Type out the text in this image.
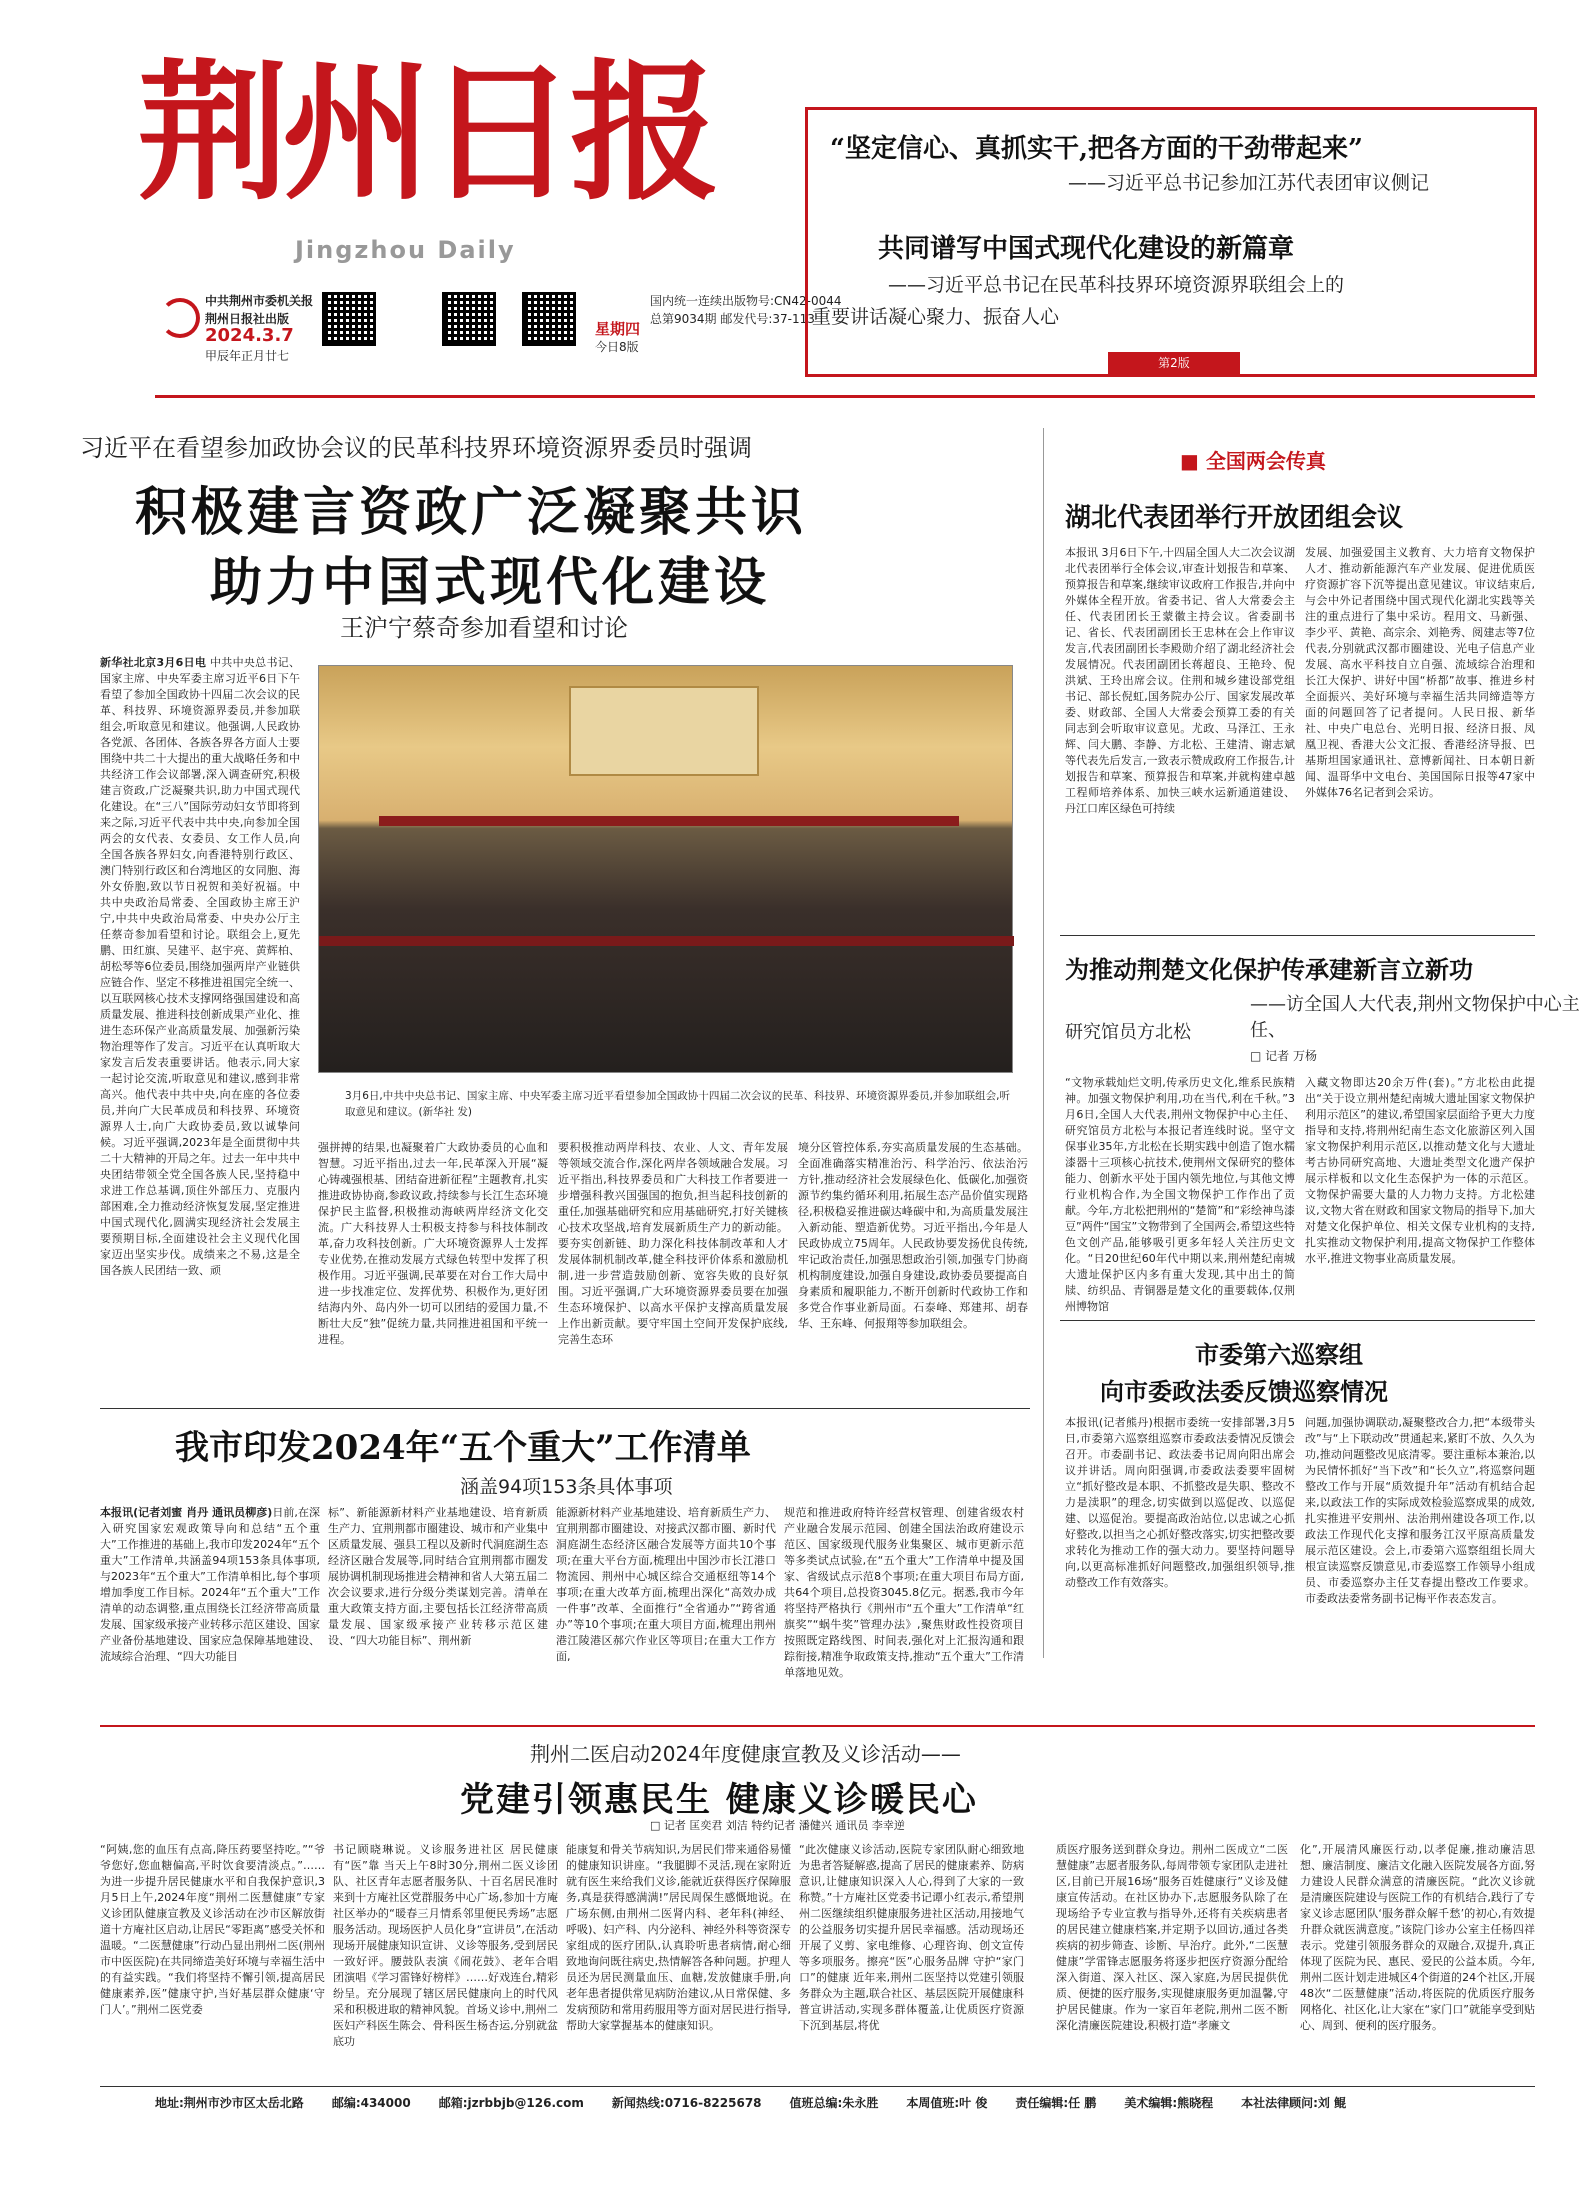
荆州日报
Jingzhou Daily
中共荆州市委机关报
荆州日报社出版
2024.3.7
甲辰年正月廿七
星期四
今日8版
国内统一连续出版物号:CN42-0044
总第9034期 邮发代号:37-113
“坚定信心、真抓实干,把各方面的干劲带起来”
——习近平总书记参加江苏代表团审议侧记
共同谱写中国式现代化建设的新篇章
——习近平总书记在民革科技界环境资源界联组会上的
重要讲话凝心聚力、振奋人心
第2版
习近平在看望参加政协会议的民革科技界环境资源界委员时强调
积极建言资政广泛凝聚共识
助力中国式现代化建设
王沪宁蔡奇参加看望和讨论
新华社北京3月6日电 中共中央总书记、国家主席、中央军委主席习近平6日下午看望了参加全国政协十四届二次会议的民革、科技界、环境资源界委员,并参加联组会,听取意见和建议。他强调,人民政协各党派、各团体、各族各界各方面人士要围绕中共二十大提出的重大战略任务和中共经济工作会议部署,深入调查研究,积极建言资政,广泛凝聚共识,助力中国式现代化建设。在“三八”国际劳动妇女节即将到来之际,习近平代表中共中央,向参加全国两会的女代表、女委员、女工作人员,向全国各族各界妇女,向香港特别行政区、澳门特别行政区和台湾地区的女同胞、海外女侨胞,致以节日祝贺和美好祝福。中共中央政治局常委、全国政协主席王沪宁,中共中央政治局常委、中央办公厅主任蔡奇参加看望和讨论。联组会上,夏先鹏、田红旗、吴建平、赵宇亮、黄辉柏、胡松琴等6位委员,围绕加强两岸产业链供应链合作、坚定不移推进祖国完全统一、以互联网核心技术支撑网络强国建设和高质量发展、推进科技创新成果产业化、推进生态环保产业高质量发展、加强新污染物治理等作了发言。习近平在认真听取大家发言后发表重要讲话。他表示,同大家一起讨论交流,听取意见和建议,感到非常高兴。他代表中共中央,向在座的各位委员,并向广大民革成员和科技界、环境资源界人士,向广大政协委员,致以诚挚问候。习近平强调,2023年是全面贯彻中共二十大精神的开局之年。过去一年中共中央团结带领全党全国各族人民,坚持稳中求进工作总基调,顶住外部压力、克服内部困难,全力推动经济恢复发展,坚定推进中国式现代化,圆满实现经济社会发展主要预期目标,全面建设社会主义现代化国家迈出坚实步伐。成绩来之不易,这是全国各族人民团结一致、顽
3月6日,中共中央总书记、国家主席、中央军委主席习近平看望参加全国政协十四届二次会议的民革、科技界、环境资源界委员,并参加联组会,听取意见和建议。(新华社 发)
强拼搏的结果,也凝聚着广大政协委员的心血和智慧。习近平指出,过去一年,民革深入开展“凝心铸魂强根基、团结奋进新征程”主题教育,扎实推进政协协商,参政议政,持续参与长江生态环境保护民主监督,积极推动海峡两岸经济文化交流。广大科技界人士积极支持参与科技体制改革,奋力攻科技创新。广大环境资源界人士发挥专业优势,在推动发展方式绿色转型中发挥了积极作用。习近平强调,民革要在对台工作大局中进一步找准定位、发挥优势、积极作为,更好团结海内外、岛内外一切可以团结的爱国力量,不断壮大反“独”促统力量,共同推进祖国和平统一进程。
要积极推动两岸科技、农业、人文、青年发展等领域交流合作,深化两岸各领域融合发展。习近平指出,科技界委员和广大科技工作者要进一步增强科教兴国强国的抱负,担当起科技创新的重任,加强基础研究和应用基础研究,打好关键核心技术攻坚战,培育发展新质生产力的新动能。要夯实创新链、助力深化科技体制改革和人才发展体制机制改革,健全科技评价体系和激励机制,进一步营造鼓励创新、宽容失败的良好氛围。习近平强调,广大环境资源界委员要在加强生态环境保护、以高水平保护支撑高质量发展上作出新贡献。要守牢国土空间开发保护底线,完善生态环
境分区管控体系,夯实高质量发展的生态基础。全面准确落实精准治污、科学治污、依法治污方针,推动经济社会发展绿色化、低碳化,加强资源节约集约循环利用,拓展生态产品价值实现路径,积极稳妥推进碳达峰碳中和,为高质量发展注入新动能、塑造新优势。习近平指出,今年是人民政协成立75周年。人民政协要发扬优良传统,牢记政治责任,加强思想政治引领,加强专门协商机构制度建设,加强自身建设,政协委员要提高自身素质和履职能力,不断开创新时代政协工作和多党合作事业新局面。石泰峰、郑建邦、胡春华、王东峰、何报翔等参加联组会。
■ 全国两会传真
湖北代表团举行开放团组会议
本报讯 3月6日下午,十四届全国人大二次会议湖北代表团举行全体会议,审查计划报告和草案、预算报告和草案,继续审议政府工作报告,并向中外媒体全程开放。省委书记、省人大常委会主任、代表团团长王蒙徽主持会议。省委副书记、省长、代表团副团长王忠林在会上作审议发言,代表团副团长李殿勋介绍了湖北经济社会发展情况。代表团副团长蒋超良、王艳玲、倪洪斌、王玲出席会议。住荆和城乡建设部党组书记、部长倪虹,国务院办公厅、国家发展改革委、财政部、全国人大常委会预算工委的有关同志到会听取审议意见。尤政、马泽江、王永辉、闫大鹏、李静、方北松、王建清、谢志斌等代表先后发言,一致表示赞成政府工作报告,计划报告和草案、预算报告和草案,并就构建卓越工程师培养体系、加快三峡水运新通道建设、丹江口库区绿色可持续
发展、加强爱国主义教育、大力培育文物保护人才、推动新能源汽车产业发展、促进优质医疗资源扩容下沉等提出意见建议。审议结束后,与会中外记者围绕中国式现代化湖北实践等关注的重点进行了集中采访。程用文、马新强、李少平、黄艳、高宗余、刘艳秀、阅建志等7位代表,分别就武汉都市圈建设、光电子信息产业发展、高水平科技自立自强、流域综合治理和长江大保护、讲好中国“桥都”故事、推进乡村全面振兴、美好环境与幸福生活共同缔造等方面的问题回答了记者提问。人民日报、新华社、中央广电总台、光明日报、经济日报、凤凰卫视、香港大公文汇报、香港经济导报、巴基斯坦国家通讯社、意博新闻社、日本朝日新闻、温哥华中文电台、美国国际日报等47家中外媒体76名记者到会采访。
为推动荆楚文化保护传承建新言立新功
——访全国人大代表,荆州文物保护中心主任、
研究馆员方北松
□ 记者 万杨
“文物承载灿烂文明,传承历史文化,维系民族精神。加强文物保护利用,功在当代,利在千秋。”3月6日,全国人大代表,荆州文物保护中心主任、研究馆员方北松与本报记者连线时说。坚守文保事业35年,方北松在长期实践中创造了饱水糯漆器十三项核心抗技术,使荆州文保研究的整体能力、创新水平处于国内领先地位,与其他文博行业机构合作,为全国文物保护工作作出了贡献。今年,方北松把荆州的“楚简”和“彩绘神鸟漆豆”两件“国宝”文物带到了全国两会,希望这些特色文创产品,能够吸引更多年轻人关注历史文化。“日20世纪60年代中期以来,荆州楚纪南城大遗址保护区内多有重大发现,其中出土的简牍、纺织品、青铜器是楚文化的重要载体,仅荆州博物馆
入藏文物即达20余万件(套)。”方北松由此提出“关于设立荆州楚纪南城大遗址国家文物保护利用示范区”的建议,希望国家层面给予更大力度指导和支持,将荆州纪南生态文化旅游区列入国家文物保护利用示范区,以推动楚文化与大遗址考古协同研究高地、大遗址类型文化遗产保护展示样板和以文化生态保护为一体的示范区。文物保护需要大量的人力物力支持。方北松建议,文物大省在财政和国家文物局的指导下,加大对楚文化保护单位、相关文保专业机构的支持,扎实推动文物保护利用,提高文物保护工作整体水平,推进文物事业高质量发展。
市委第六巡察组
向市委政法委反馈巡察情况
本报讯(记者熊丹)根据市委统一安排部署,3月5日,市委第六巡察组巡察市委政法委情况反馈会召开。市委副书记、政法委书记周向阳出席会议并讲话。周向阳强调,市委政法委要牢固树立“抓好整改是本职、不抓整改是失职、整改不力是渎职”的理念,切实做到以巡促改、以巡促建、以巡促治。要提高政治站位,以忠诚之心抓好整改,以担当之心抓好整改落实,切实把整改要求转化为推动工作的强大动力。要坚持问题导向,以更高标准抓好问题整改,加强组织领导,推动整改工作有效落实。
问题,加强协调联动,凝聚整改合力,把“本级带头改”与“上下联动改”贯通起来,紧盯不放、久久为功,推动问题整改见底清零。要注重标本兼治,以为民情怀抓好“当下改”和“长久立”,将巡察问题整改工作与开展“质效提升年”活动有机结合起来,以政法工作的实际成效检验巡察成果的成效,扎实推进平安荆州、法治荆州建设各项工作,以政法工作现代化支撑和服务江汉平原高质量发展示范区建设。会上,市委第六巡察组组长周大根宣读巡察反馈意见,市委巡察工作领导小组成员、市委巡察办主任艾春提出整改工作要求。市委政法委常务副书记梅平作表态发言。
我市印发2024年“五个重大”工作清单
涵盖94项153条具体事项
本报讯(记者刘蜜 肖丹 通讯员柳彦)日前,在深入研究国家宏观政策导向和总结“五个重大”工作推进的基础上,我市印发2024年“五个重大”工作清单,共涵盖94项153条具体事项,与2023年“五个重大”工作清单相比,每个事项增加季度工作目标。2024年“五个重大”工作清单的动态调整,重点围绕长江经济带高质量发展、国家级承接产业转移示范区建设、国家产业备份基地建设、国家应急保障基地建设、流域综合治理、“四大功能目
标”、新能源新材料产业基地建设、培育新质生产力、宜荆荆都市圈建设、城市和产业集中区质量发展、强县工程以及新时代洞庭湖生态经济区融合发展等,同时结合宜荆荆都市圈发展协调机制现场推进会精神和省人大第五届二次会议要求,进行分级分类谋划完善。清单在重大政策支持方面,主要包括长江经济带高质量发展、国家级承接产业转移示范区建设、“四大功能目标”、荆州新
能源新材料产业基地建设、培育新质生产力、宜荆荆都市圈建设、对接武汉都市圈、新时代洞庭湖生态经济区融合发展等方面共10个事项;在重大平台方面,梳理出中国沙市长江港口物流园、荆州中心城区综合交通枢纽等14个事项;在重大改革方面,梳理出深化“高效办成一件事”改革、全面推行“全省通办”“跨省通办”等10个事项;在重大项目方面,梳理出荆州港江陵港区郝穴作业区等项目;在重大工作方面,
规范和推进政府特许经营权管理、创建省级农村产业融合发展示范园、创建全国法治政府建设示范区、国家级现代服务业集聚区、城市更新示范等多类试点试验,在“五个重大”工作清单中提及国家、省级试点示范8个事项;在重大项目布局方面,共64个项目,总投资3045.8亿元。据悉,我市今年将坚持严格执行《荆州市“五个重大”工作清单“红旗奖”“蜗牛奖”管理办法》,聚焦财政性投资项目按照既定路线图、时间表,强化对上汇报沟通和跟踪衔接,精准争取政策支持,推动“五个重大”工作清单落地见效。
荆州二医启动2024年度健康宣教及义诊活动——
党建引领惠民生 健康义诊暖民心
□ 记者 匡奕君 刘洁 特约记者 潘健兴 通讯员 李幸逆
“阿姨,您的血压有点高,降压药要坚持吃。”“爷爷您好,您血糖偏高,平时饮食要清淡点。”……为进一步提升居民健康水平和自我保护意识,3月5日上午,2024年度“荆州二医慧健康”专家义诊团队健康宣教及义诊活动在沙市区解放街道十方庵社区启动,让居民“零距离”感受关怀和温暖。“二医慧健康”行动凸显出荆州二医(荆州市中医医院)在共同缔造美好环境与幸福生活中的有益实践。“我们将坚持不懈引领,提高居民健康素养,医”健康守护,当好基层群众健康‘守门人’。”荆州二医党委
书记顾晓琳说。义诊服务进社区 居民健康有“医”靠 当天上午8时30分,荆州二医义诊团队、社区青年志愿者服务队、十百名居民准时来到十方庵社区党群服务中心广场,参加十方庵社区举办的“暖春三月情系邻里便民秀场”志愿服务活动。现场医护人员化身“宣讲员”,在活动现场开展健康知识宣讲、义诊等服务,受到居民一致好评。腰鼓队表演《闹花鼓》、老年合唱团演唱《学习雷锋好榜样》……好戏连台,精彩纷呈。充分展现了辖区居民健康向上的时代风采和积极进取的精神风貌。首场义诊中,荆州二医妇产科医生陈会、骨科医生杨杏运,分别就盆底功
能康复和骨关节病知识,为居民们带来通俗易懂的健康知识讲座。“我腿脚不灵活,现在家附近就有医生来给我们义诊,能就近获得医疗保障服务,真是获得感满满!”居民周保生感慨地说。在广场东侧,由荆州二医肾内科、老年科(神经、呼吸)、妇产科、内分泌科、神经外科等资深专家组成的医疗团队,认真聆听患者病情,耐心细致地询问既往病史,热情解答各种问题。护理人员还为居民测量血压、血糖,发放健康手册,向老年患者提供常见病防治建议,从日常保健、多发病预防和常用药服用等方面对居民进行指导,帮助大家掌握基本的健康知识。
“此次健康义诊活动,医院专家团队耐心细致地为患者答疑解惑,提高了居民的健康素养、防病意识,让健康知识深入人心,得到了大家的一致称赞。”十方庵社区党委书记谭小红表示,希望荆州二医继续组织健康服务进社区活动,用接地气的公益服务切实提升居民幸福感。活动现场还开展了义剪、家电维修、心理咨询、创文宣传等多项服务。擦亮“医”心服务品牌 守护“家门口”的健康 近年来,荆州二医坚持以党建引领服务群众为主题,联合社区、基层医院开展健康科普宣讲活动,实现多群体覆盖,让优质医疗资源下沉到基层,将优
质医疗服务送到群众身边。荆州二医成立“二医慧健康”志愿者服务队,每周带领专家团队走进社区,目前已开展16场“服务百姓健康行”义诊及健康宣传活动。在社区协办下,志愿服务队除了在现场给予专业宣教与指导外,还将有关疾病患者的居民建立健康档案,并定期予以回访,通过各类疾病的初步筛查、诊断、早治疗。此外,“二医慧健康”学雷锋志愿服务将逐步把医疗资源分配给深入街道、深入社区、深入家庭,为居民提供优质、便捷的医疗服务,实现健康服务更加温馨,守护居民健康。作为一家百年老院,荆州二医不断深化清廉医院建设,积极打造“孝廉文
化”,开展清风廉医行动,以孝促廉,推动廉洁思想、廉洁制度、廉洁文化融入医院发展各方面,努力建设人民群众满意的清廉医院。“此次义诊就是清廉医院建设与医院工作的有机结合,践行了专家义诊志愿团队‘服务群众解千愁’的初心,有效提升群众就医满意度。”该院门诊办公室主任杨四祥表示。党建引领服务群众的双融合,双提升,真正体现了医院为民、惠民、爱民的公益本质。今年,荆州二医计划走进城区4个街道的24个社区,开展48次“二医慧健康”活动,将医院的优质医疗服务网格化、社区化,让大家在“家门口”就能享受到贴心、周到、便利的医疗服务。
地址:荆州市沙市区太岳北路 邮编:434000 邮箱:jzrbbjb@126.com 新闻热线:0716-8225678 值班总编:朱永胜 本周值班:叶 俊 责任编辑:任 鹏 美术编辑:熊晓程 本社法律顾问:刘 鲲
